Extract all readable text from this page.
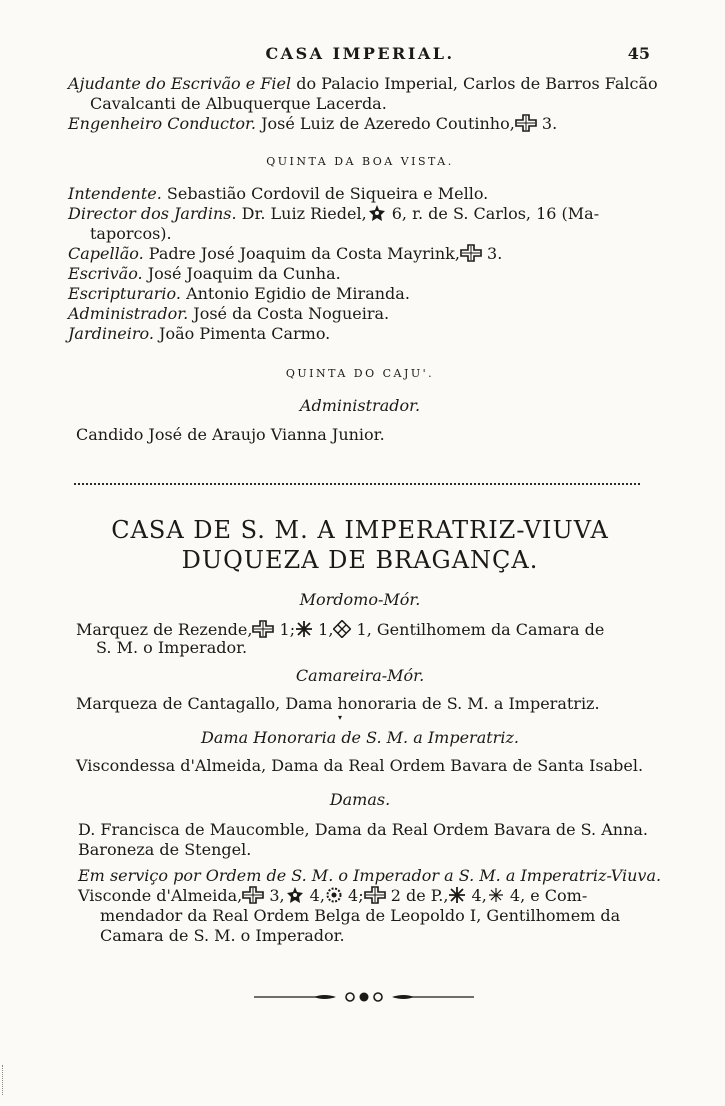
CASA IMPERIAL.	45
Ajudante do Escrivão e Fiel do Palacio Imperial, Carlos de Barros Falcão
Cavalcanti de Albuquerque Lacerda.
Engenheiro Conductor. José Luiz de Azeredo Coutinho, 3.
QUINTA DA BOA VISTA.
Intendente. Sebastião Cordovil de Siqueira e Mello.
Director dos Jardins. Dr. Luiz Riedel, 6, r. de S. Carlos, 16 (Ma-
taporcos).
Capellão. Padre José Joaquim da Costa Mayrink, 3.
Escrivão. José Joaquim da Cunha.
Escripturario. Antonio Egidio de Miranda.
Administrador. José da Costa Nogueira.
Jardineiro. João Pimenta Carmo.
QUINTA DO CAJU'.
Administrador.
Candido José de Araujo Vianna Junior.
CASA DE S. M. A IMPERATRIZ-VIUVA
DUQUEZA DE BRAGANÇA.
Mordomo-Mór.
Marquez de Rezende, 1; 1, 1, Gentilhomem da Camara de
S. M. o Imperador.
Camareira-Mór.
Marqueza de Cantagallo, Dama honoraria de S. M. a Imperatriz.
▾
Dama Honoraria de S. M. a Imperatriz.
Viscondessa d'Almeida, Dama da Real Ordem Bavara de Santa Isabel.
Damas.
D. Francisca de Maucomble, Dama da Real Ordem Bavara de S. Anna.
Baroneza de Stengel.
Em serviço por Ordem de S. M. o Imperador a S. M. a Imperatriz-Viuva.
Visconde d'Almeida, 3, 4, 4; 2 de P., 4, 4, e Com-
mendador da Real Ordem Belga de Leopoldo I, Gentilhomem da
Camara de S. M. o Imperador.
